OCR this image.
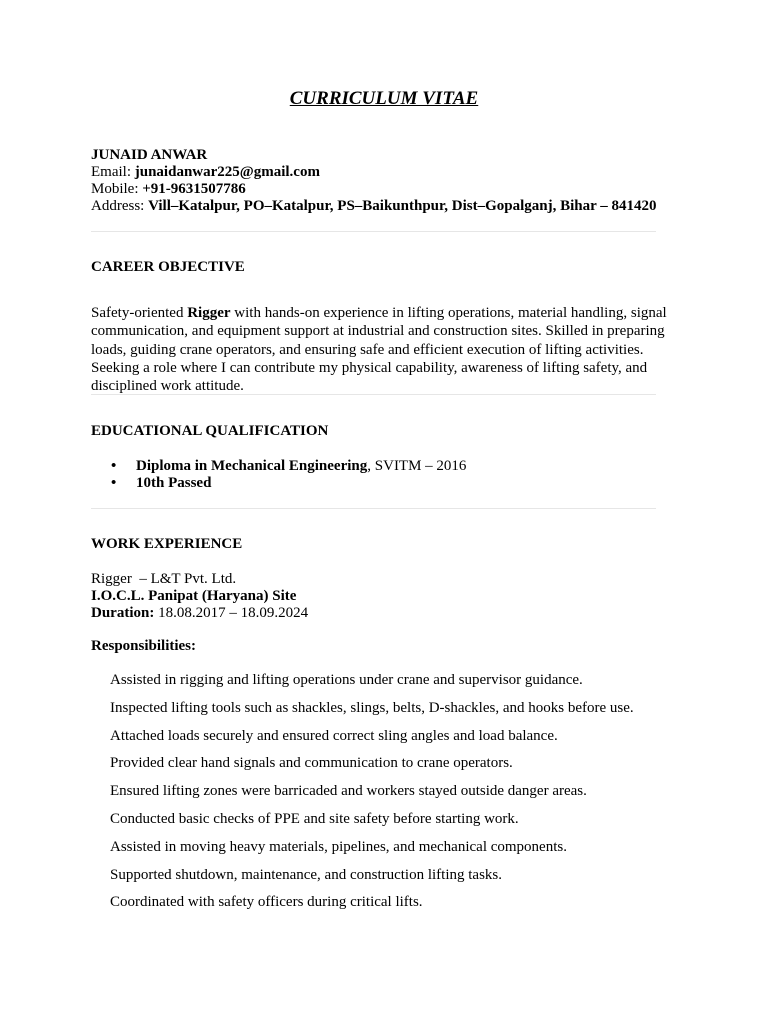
CURRICULUM VITAE
JUNAID ANWAR
Email: junaidanwar225@gmail.com
Mobile: +91-9631507786
Address: Vill–Katalpur, PO–Katalpur, PS–Baikunthpur, Dist–Gopalganj, Bihar – 841420
CAREER OBJECTIVE
Safety-oriented Rigger with hands-on experience in lifting operations, material handling, signal communication, and equipment support at industrial and construction sites. Skilled in preparing loads, guiding crane operators, and ensuring safe and efficient execution of lifting activities. Seeking a role where I can contribute my physical capability, awareness of lifting safety, and disciplined work attitude.
EDUCATIONAL QUALIFICATION
• Diploma in Mechanical Engineering, SVITM – 2016
• 10th Passed
WORK EXPERIENCE
Rigger  – L&T Pvt. Ltd.
I.O.C.L. Panipat (Haryana) Site
Duration: 18.08.2017 – 18.09.2024
Responsibilities:
Assisted in rigging and lifting operations under crane and supervisor guidance.
Inspected lifting tools such as shackles, slings, belts, D-shackles, and hooks before use.
Attached loads securely and ensured correct sling angles and load balance.
Provided clear hand signals and communication to crane operators.
Ensured lifting zones were barricaded and workers stayed outside danger areas.
Conducted basic checks of PPE and site safety before starting work.
Assisted in moving heavy materials, pipelines, and mechanical components.
Supported shutdown, maintenance, and construction lifting tasks.
Coordinated with safety officers during critical lifts.
